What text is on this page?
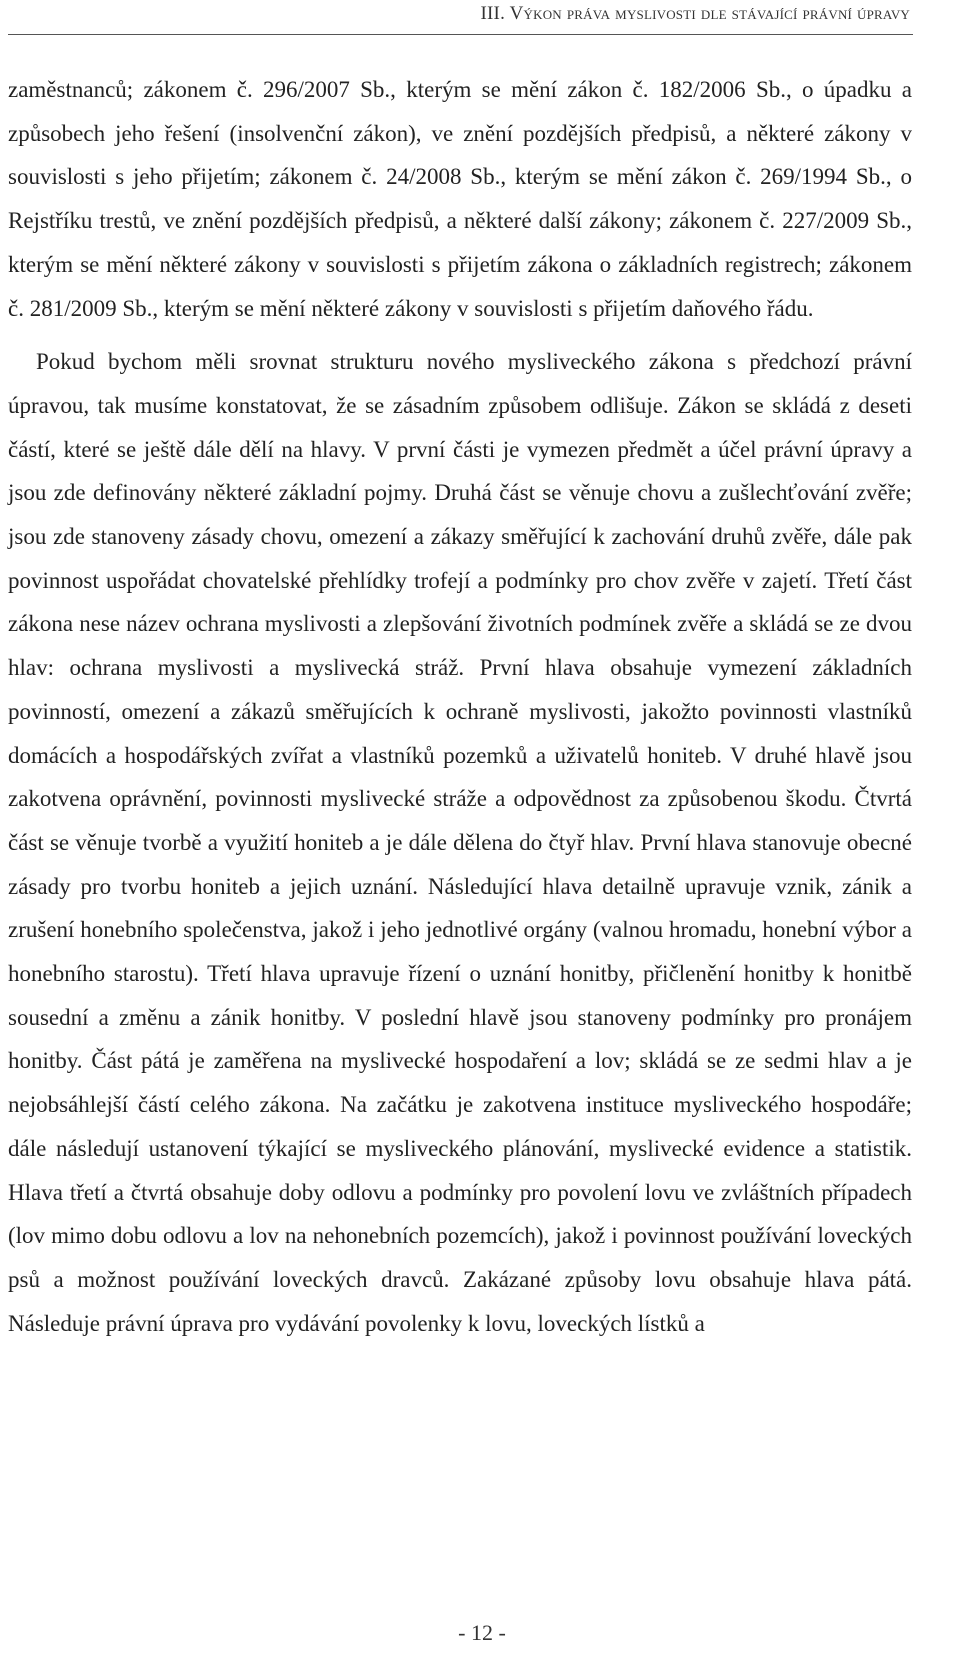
III. Výkon práva myslivosti dle stávající právní úpravy

zaměstnanců; zákonem č. 296/2007 Sb., kterým se mění zákon č. 182/2006 Sb., o úpadku a způsobech jeho řešení (insolvenční zákon), ve znění pozdějších předpisů, a některé zákony v souvislosti s jeho přijetím; zákonem č. 24/2008 Sb., kterým se mění zákon č. 269/1994 Sb., o Rejstříku trestů, ve znění pozdějších předpisů, a některé další zákony; zákonem č. 227/2009 Sb., kterým se mění některé zákony v souvislosti s přijetím zákona o základních registrech; zákonem č. 281/2009 Sb., kterým se mění některé zákony v souvislosti s přijetím daňového řádu.

Pokud bychom měli srovnat strukturu nového mysliveckého zákona s předchozí právní úpravou, tak musíme konstatovat, že se zásadním způsobem odlišuje. Zákon se skládá z deseti částí, které se ještě dále dělí na hlavy. V první části je vymezen předmět a účel právní úpravy a jsou zde definovány některé základní pojmy. Druhá část se věnuje chovu a zušlechťování zvěře; jsou zde stanoveny zásady chovu, omezení a zákazy směřující k zachování druhů zvěře, dále pak povinnost uspořádat chovatelské přehlídky trofejí a podmínky pro chov zvěře v zajetí. Třetí část zákona nese název ochrana myslivosti a zlepšování životních podmínek zvěře a skládá se ze dvou hlav: ochrana myslivosti a myslivecká stráž. První hlava obsahuje vymezení základních povinností, omezení a zákazů směřujících k ochraně myslivosti, jakožto povinnosti vlastníků domácích a hospodářských zvířat a vlastníků pozemků a uživatelů honiteb. V druhé hlavě jsou zakotvena oprávnění, povinnosti myslivecké stráže a odpovědnost za způsobenou škodu. Čtvrtá část se věnuje tvorbě a využití honiteb a je dále dělena do čtyř hlav. První hlava stanovuje obecné zásady pro tvorbu honiteb a jejich uznání. Následující hlava detailně upravuje vznik, zánik a zrušení honebního společenstva, jakož i jeho jednotlivé orgány (valnou hromadu, honební výbor a honebního starostu). Třetí hlava upravuje řízení o uznání honitby, přičlenění honitby k honitbě sousední a změnu a zánik honitby. V poslední hlavě jsou stanoveny podmínky pro pronájem honitby. Část pátá je zaměřena na myslivecké hospodaření a lov; skládá se ze sedmi hlav a je nejobsáhlejší částí celého zákona. Na začátku je zakotvena instituce mysliveckého hospodáře; dále následují ustanovení týkající se mysliveckého plánování, myslivecké evidence a statistik. Hlava třetí a čtvrtá obsahuje doby odlovu a podmínky pro povolení lovu ve zvláštních případech (lov mimo dobu odlovu a lov na nehonebních pozemcích), jakož i povinnost používání loveckých psů a možnost používání loveckých dravců. Zakázané způsoby lovu obsahuje hlava pátá. Následuje právní úprava pro vydávání povolenky k lovu, loveckých lístků a

- 12 -
